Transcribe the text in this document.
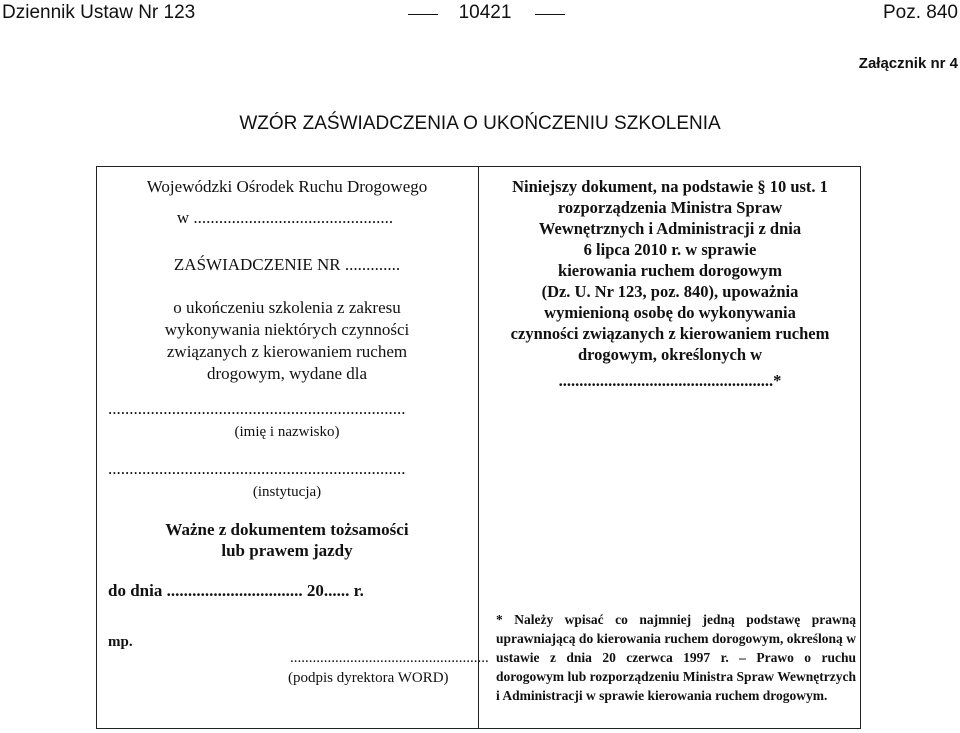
Dziennik Ustaw Nr 123	10421	Poz. 840
Załącznik nr 4
WZÓR ZAŚWIADCZENIA O UKOŃCZENIU SZKOLENIA
Wojewódzki Ośrodek Ruchu Drogowego
w ...............................................
ZAŚWIADCZENIE NR .............
o ukończeniu szkolenia z zakresu
wykonywania niektórych czynności
związanych z kierowaniem ruchem
drogowym, wydane dla
......................................................................
(imię i nazwisko)
......................................................................
(instytucja)
Ważne z dokumentem tożsamości
lub prawem jazdy
do dnia ................................ 20...... r.
mp.
.....................................................
(podpis dyrektora WORD)
Niniejszy dokument, na podstawie § 10 ust. 1
rozporządzenia Ministra Spraw
Wewnętrznych i Administracji z dnia
6 lipca 2010 r. w sprawie
kierowania ruchem dorogowym
(Dz. U. Nr 123, poz. 840), upoważnia
wymienioną osobę do wykonywania
czynności związanych z kierowaniem ruchem
drogowym, określonych w
....................................................*
* Należy wpisać co najmniej jedną podstawę prawną uprawniającą do kierowania ruchem dorogowym, określoną w ustawie z dnia 20 czerwca 1997 r. – Prawo o ruchu dorogowym lub rozporządzeniu Ministra Spraw Wewnętrzych i Administracji w sprawie kierowania ruchem drogowym.
